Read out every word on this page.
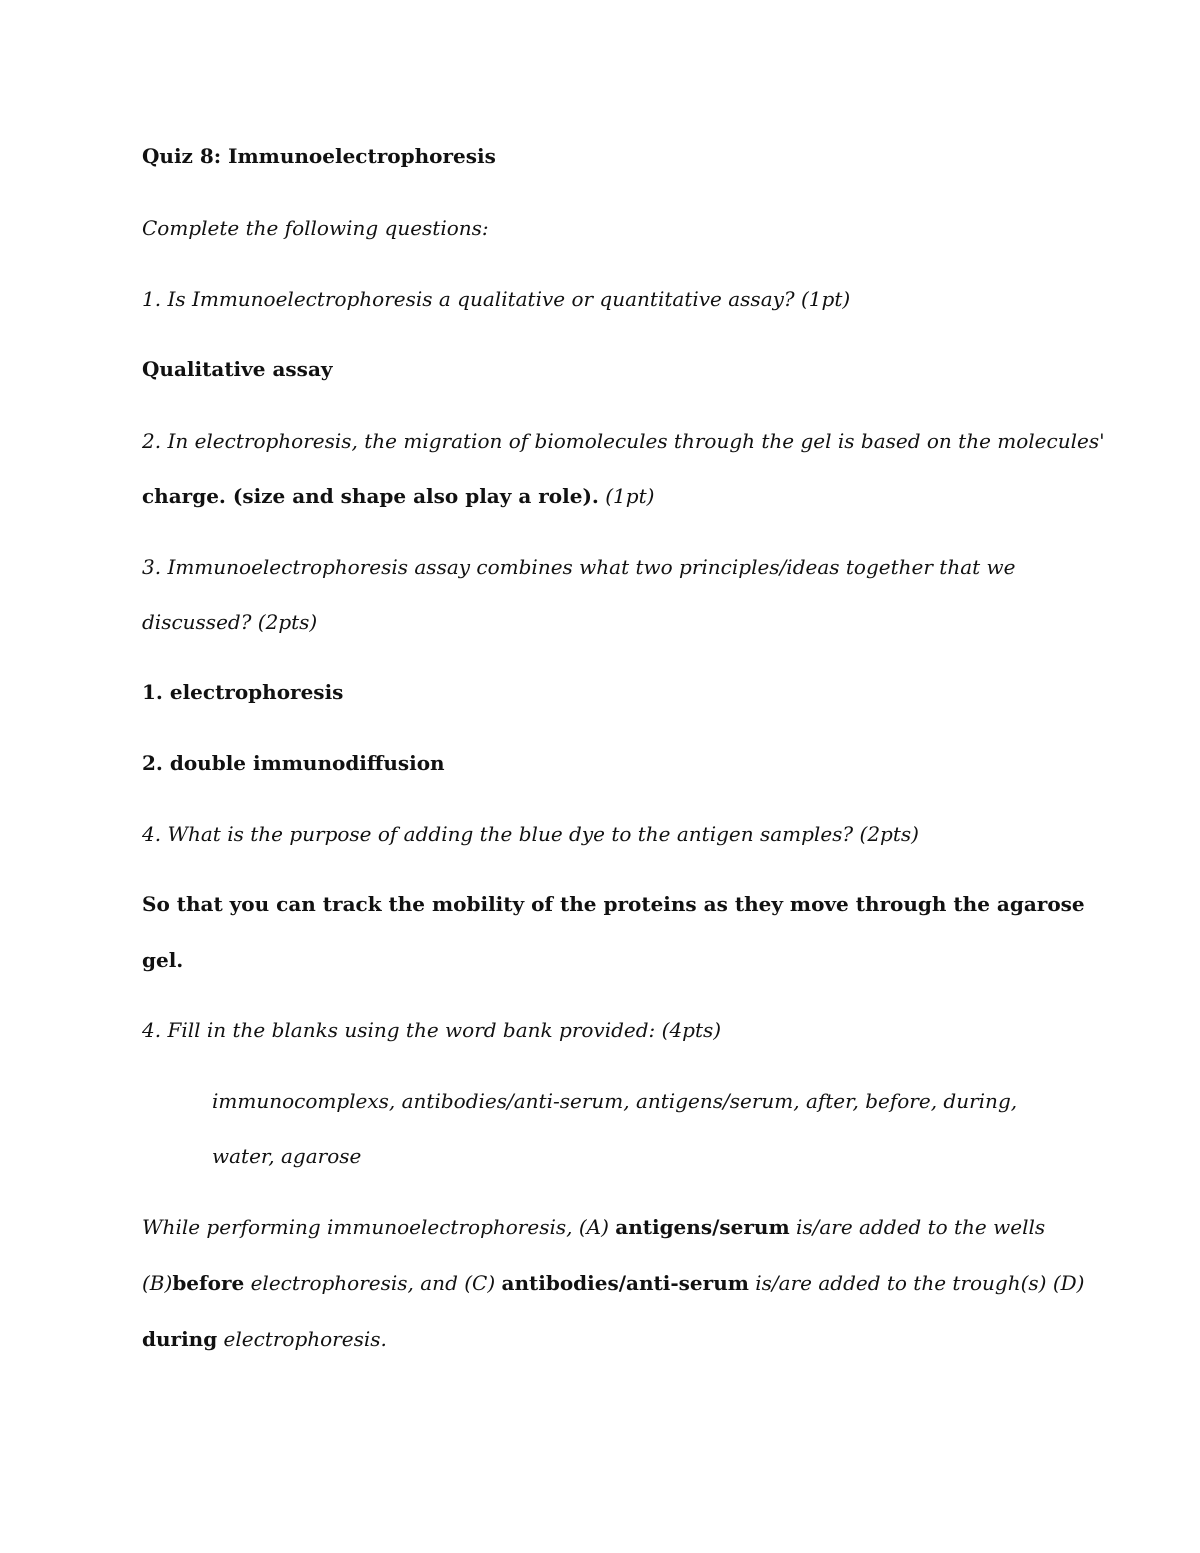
Quiz 8: Immunoelectrophoresis
Complete the following questions:
1. Is Immunoelectrophoresis a qualitative or quantitative assay? (1pt)
Qualitative assay
2. In electrophoresis, the migration of biomolecules through the gel is based on the molecules'
charge. (size and shape also play a role). (1pt)
3. Immunoelectrophoresis assay combines what two principles/ideas together that we
discussed? (2pts)
1. electrophoresis
2. double immunodiffusion
4. What is the purpose of adding the blue dye to the antigen samples? (2pts)
So that you can track the mobility of the proteins as they move through the agarose
gel.
4. Fill in the blanks using the word bank provided: (4pts)
immunocomplexs, antibodies/anti-serum, antigens/serum, after, before, during,
water, agarose
While performing immunoelectrophoresis, (A) antigens/serum is/are added to the wells
(B)before electrophoresis, and (C) antibodies/anti-serum is/are added to the trough(s) (D)
during electrophoresis.
